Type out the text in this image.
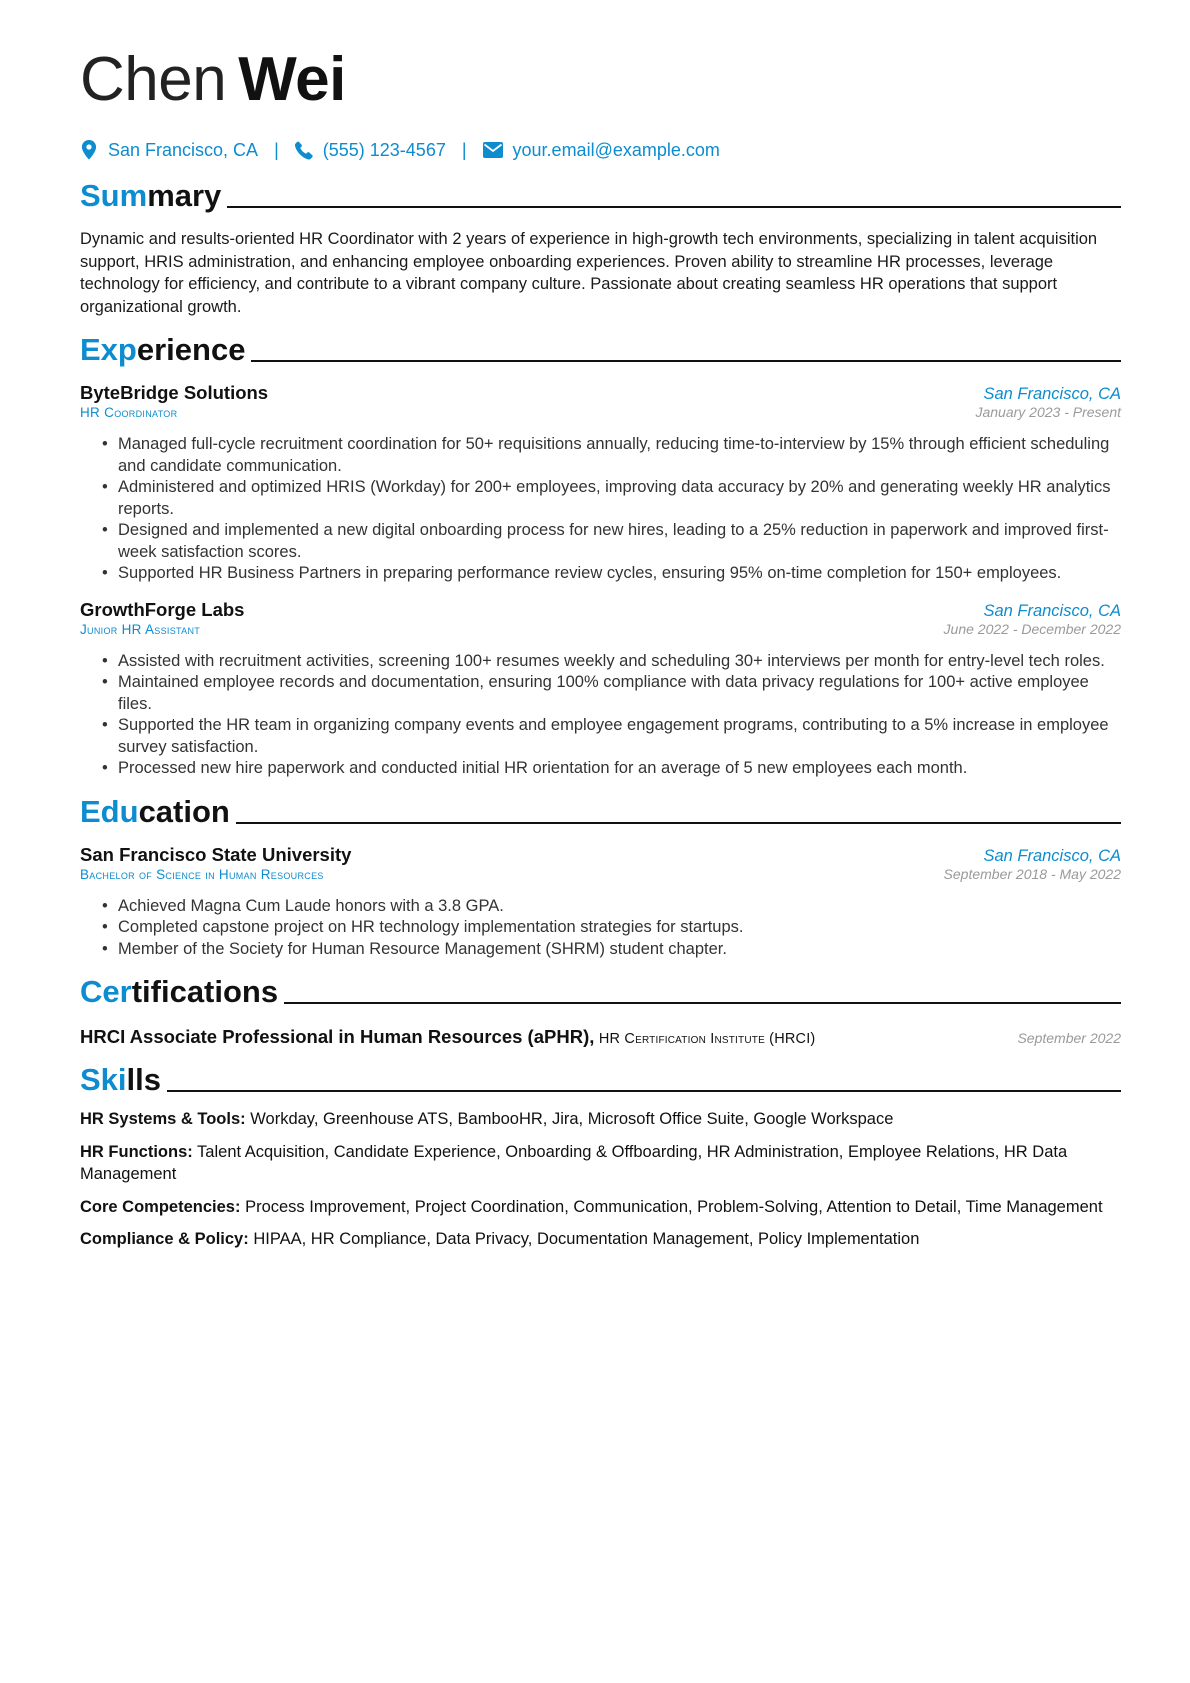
Chen Wei
San Francisco, CA | (555) 123-4567 |	your.email@example.com
Summary
Dynamic and results-oriented HR Coordinator with 2 years of experience in high-growth tech environments, specializing in talent acquisition support, HRIS administration, and enhancing employee onboarding experiences. Proven ability to streamline HR processes, leverage technology for efficiency, and contribute to a vibrant company culture. Passionate about creating seamless HR operations that support organizational growth.
Experience
ByteBridge Solutions	San Francisco, CA
HR Coordinator	January 2023 - Present
• Managed full-cycle recruitment coordination for 50+ requisitions annually, reducing time-to-interview by 15% through efficient scheduling and candidate communication.
• Administered and optimized HRIS (Workday) for 200+ employees, improving data accuracy by 20% and generating weekly HR analytics reports.
• Designed and implemented a new digital onboarding process for new hires, leading to a 25% reduction in paperwork and improved first-week satisfaction scores.
• Supported HR Business Partners in preparing performance review cycles, ensuring 95% on-time completion for 150+ employees.
GrowthForge Labs	San Francisco, CA
Junior HR Assistant	June 2022 - December 2022
• Assisted with recruitment activities, screening 100+ resumes weekly and scheduling 30+ interviews per month for entry-level tech roles.
• Maintained employee records and documentation, ensuring 100% compliance with data privacy regulations for 100+ active employee files.
• Supported the HR team in organizing company events and employee engagement programs, contributing to a 5% increase in employee survey satisfaction.
• Processed new hire paperwork and conducted initial HR orientation for an average of 5 new employees each month.
Education
San Francisco State University	San Francisco, CA
Bachelor of Science in Human Resources	September 2018 - May 2022
• Achieved Magna Cum Laude honors with a 3.8 GPA.
• Completed capstone project on HR technology implementation strategies for startups.
• Member of the Society for Human Resource Management (SHRM) student chapter.
Certifications
HRCI Associate Professional in Human Resources (aPHR), HR Certification Institute (HRCI)	September 2022
Skills
HR Systems & Tools: Workday, Greenhouse ATS, BambooHR, Jira, Microsoft Office Suite, Google Workspace
HR Functions: Talent Acquisition, Candidate Experience, Onboarding & Offboarding, HR Administration, Employee Relations, HR Data Management
Core Competencies: Process Improvement, Project Coordination, Communication, Problem-Solving, Attention to Detail, Time Management
Compliance & Policy: HIPAA, HR Compliance, Data Privacy, Documentation Management, Policy Implementation
